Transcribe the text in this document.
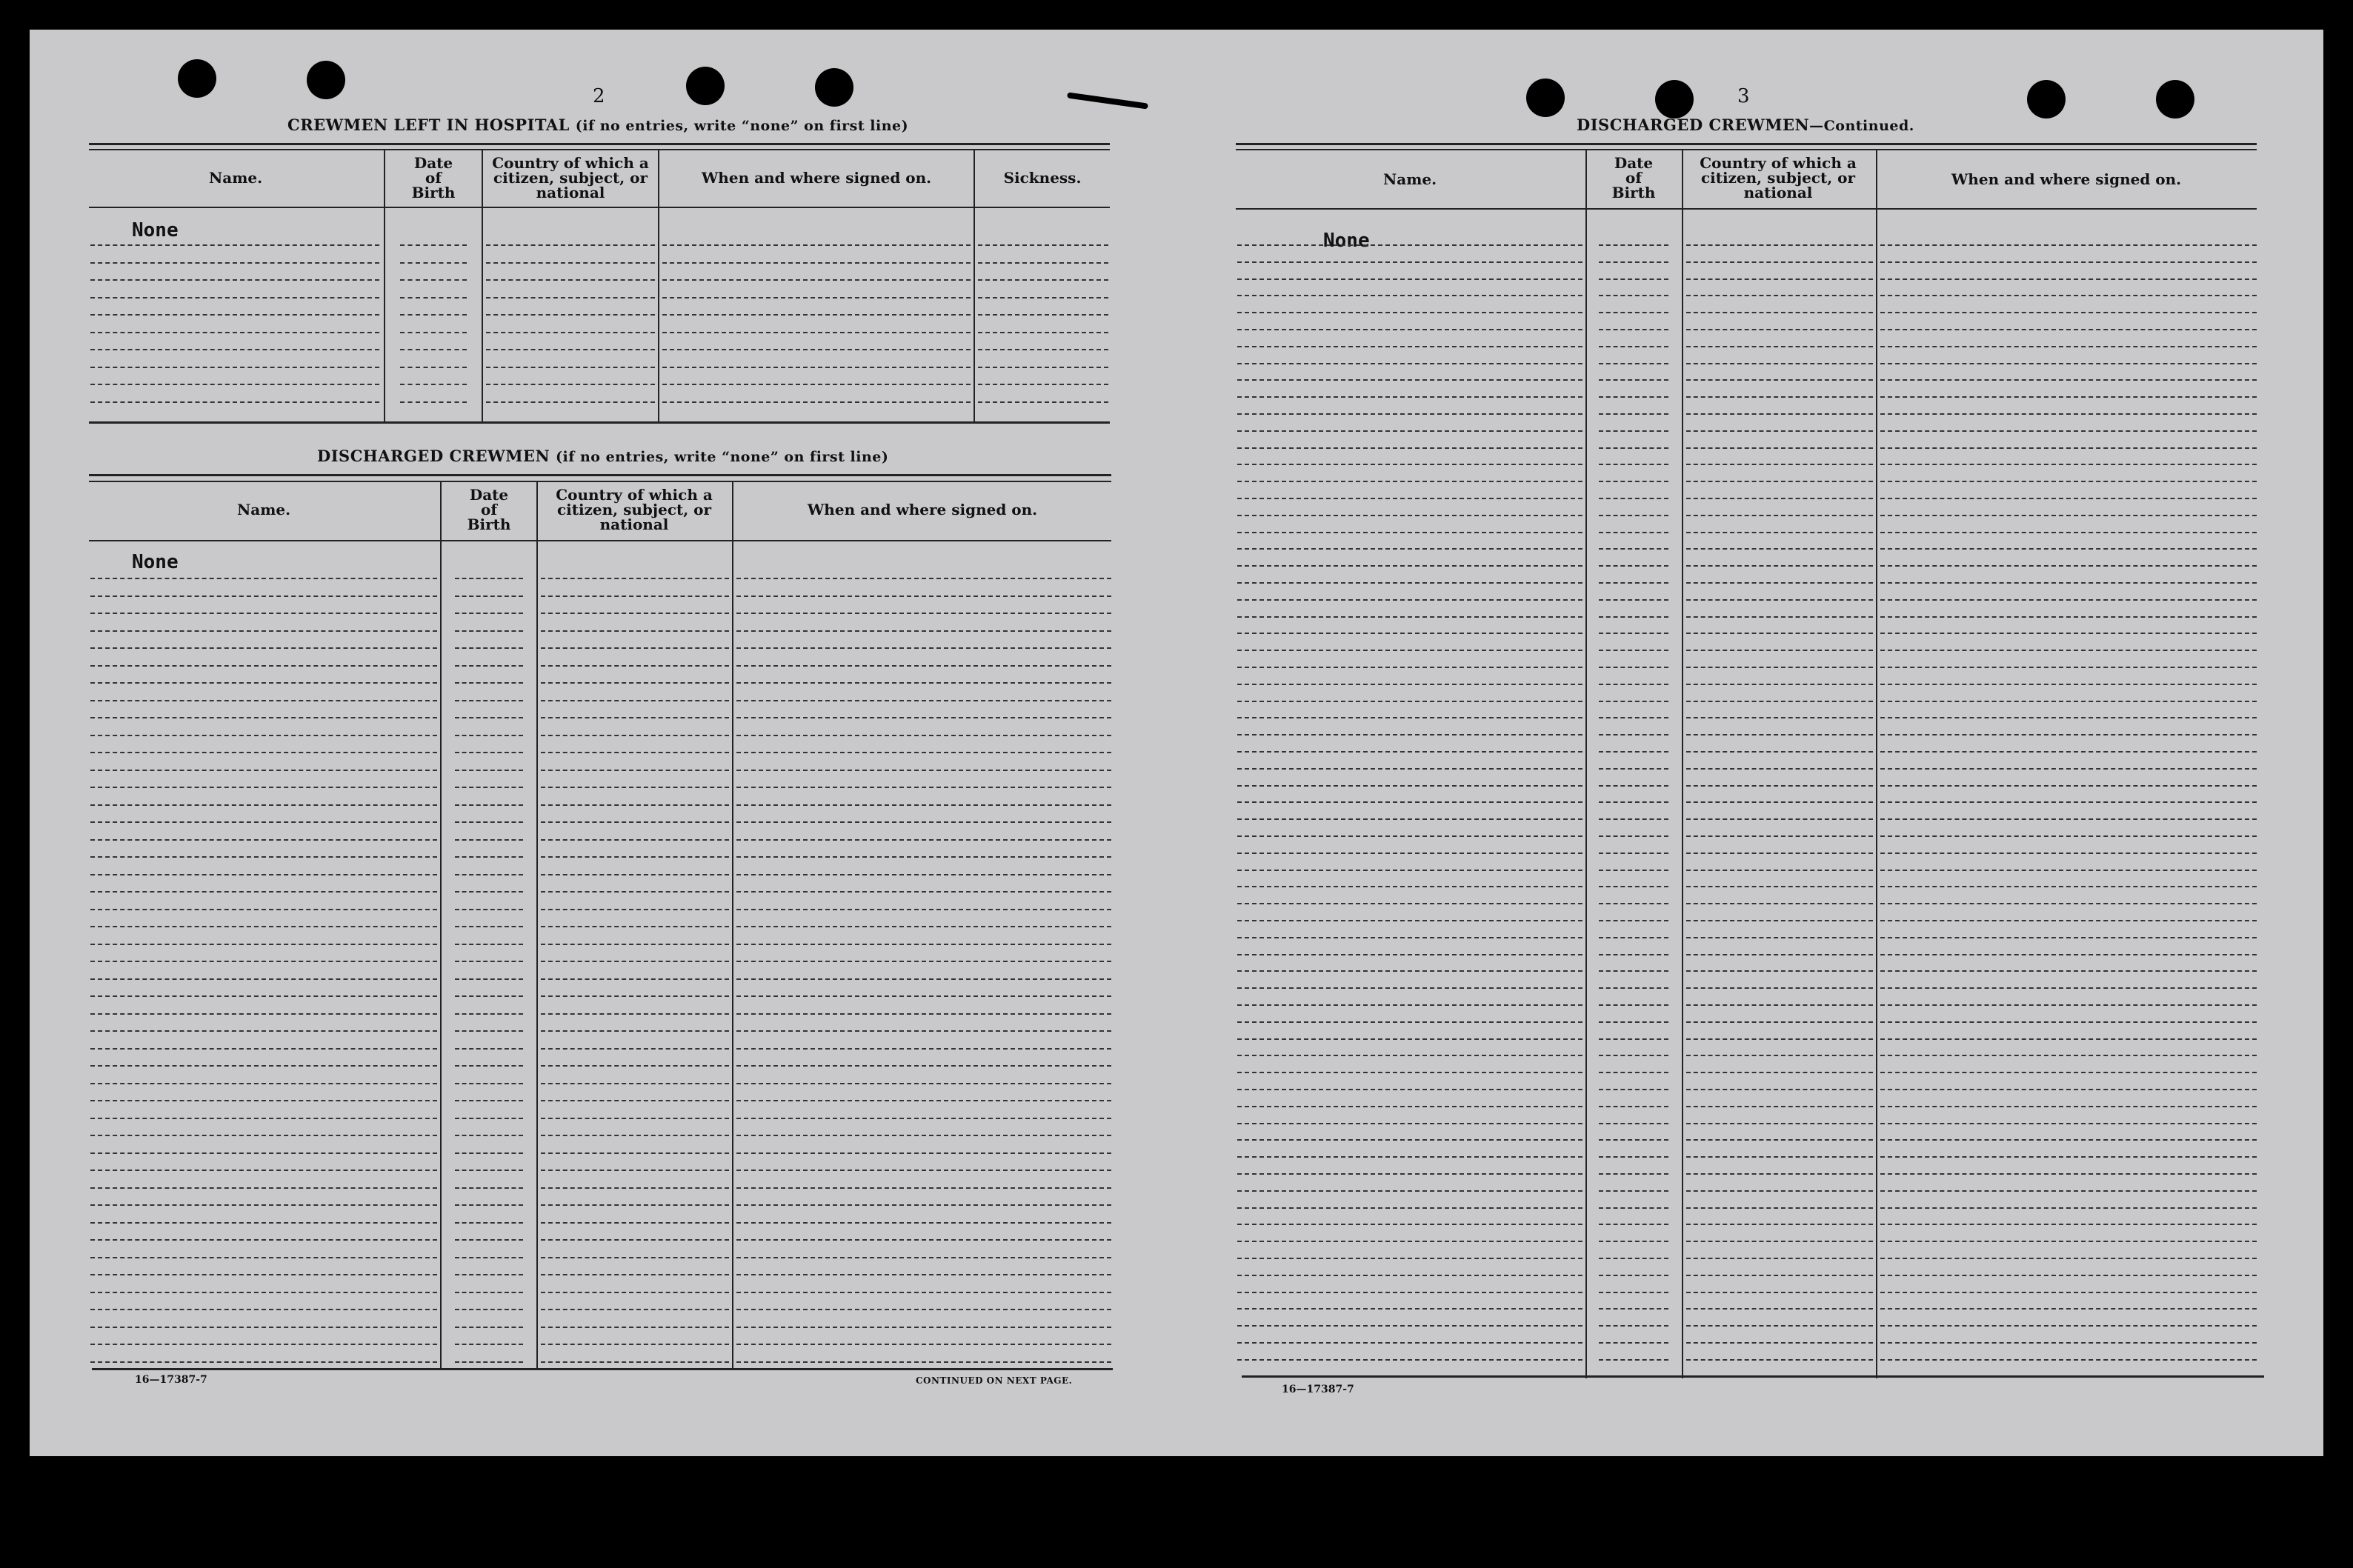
2
CREWMEN LEFT IN HOSPITAL (if no entries, write “none” on first line)
Name.
Date
of
Birth
Country of which a
citizen, subject, or
national
When and where signed on.	Sickness.
None
DISCHARGED CREWMEN (if no entries, write “none” on first line)
Name.
Date
of
Birth
Country of which a
citizen, subject, or
national
When and where signed on.
None
16—17387-7	CONTINUED ON NEXT PAGE.
3
DISCHARGED CREWMEN—Continued.
Name.
Date
of
Birth
Country of which a
citizen, subject, or
national
When and where signed on.
None
16—17387-7
